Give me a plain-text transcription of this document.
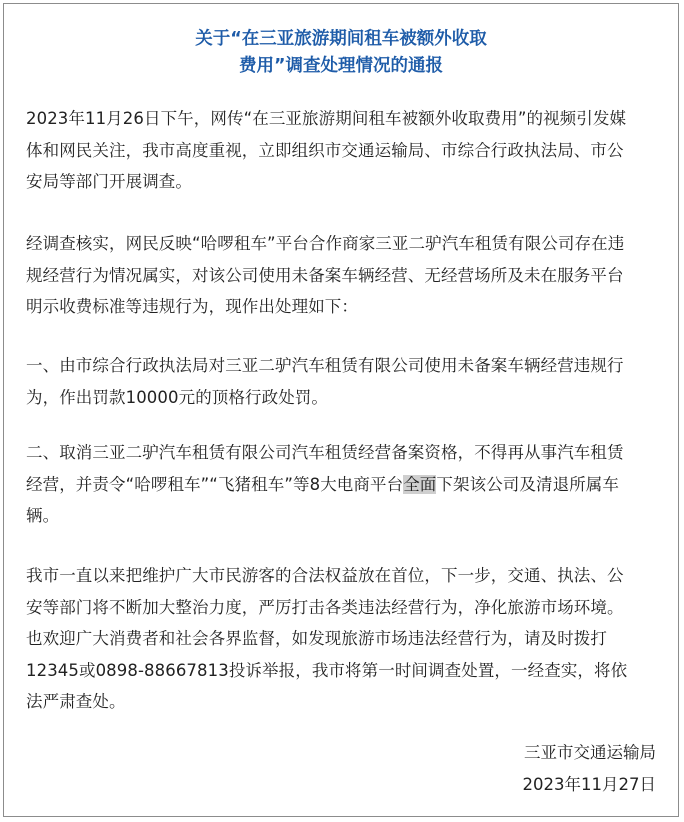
关于“在三亚旅游期间租车被额外收取
费用”调查处理情况的通报
2023年11月26日下午，网传“在三亚旅游期间租车被额外收取费用”的视频引发媒
体和网民关注，我市高度重视，立即组织市交通运输局、市综合行政执法局、市公
安局等部门开展调查。
经调查核实，网民反映“哈啰租车”平台合作商家三亚二驴汽车租赁有限公司存在违
规经营行为情况属实，对该公司使用未备案车辆经营、无经营场所及未在服务平台
明示收费标准等违规行为，现作出处理如下：
一、由市综合行政执法局对三亚二驴汽车租赁有限公司使用未备案车辆经营违规行
为，作出罚款10000元的顶格行政处罚。
二、取消三亚二驴汽车租赁有限公司汽车租赁经营备案资格，不得再从事汽车租赁
经营，并责令“哈啰租车”“飞猪租车”等8大电商平台全面下架该公司及清退所属车
辆。
我市一直以来把维护广大市民游客的合法权益放在首位，下一步，交通、执法、公
安等部门将不断加大整治力度，严厉打击各类违法经营行为，净化旅游市场环境。
也欢迎广大消费者和社会各界监督，如发现旅游市场违法经营行为，请及时拨打
12345或0898-88667813投诉举报，我市将第一时间调查处置，一经查实，将依
法严肃查处。
三亚市交通运输局
2023年11月27日
